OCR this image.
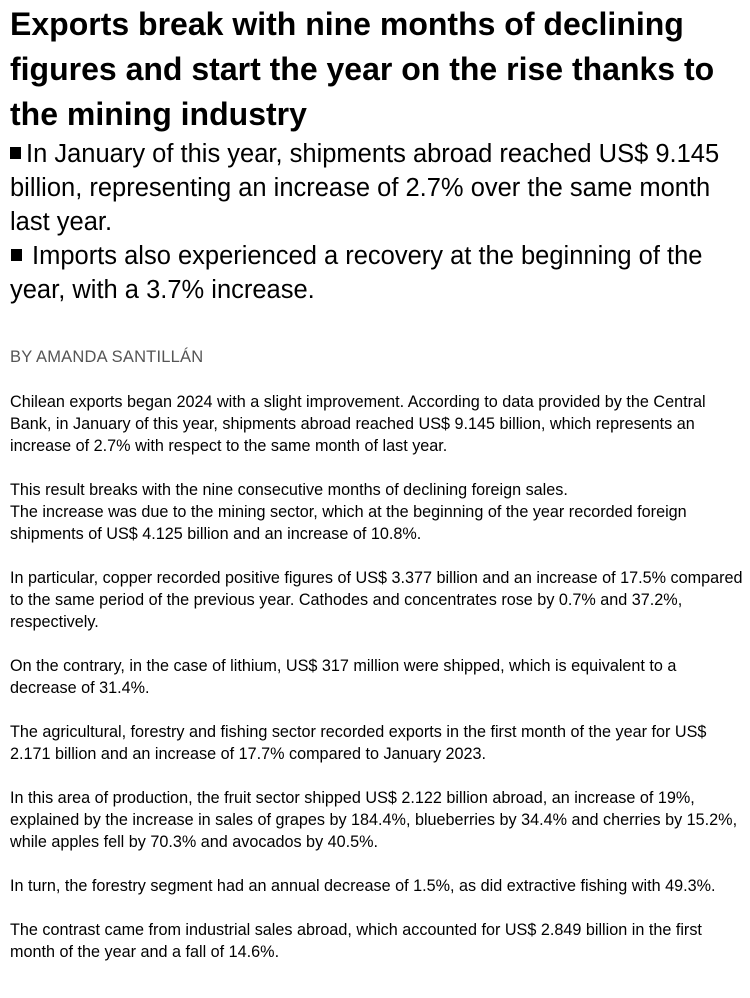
Exports break with nine months of declining figures and start the year on the rise thanks to the mining industry
In January of this year, shipments abroad reached US$ 9.145 billion, representing an increase of 2.7% over the same month last year.
Imports also experienced a recovery at the beginning of the year, with a 3.7% increase.

BY AMANDA SANTILLÁN

Chilean exports began 2024 with a slight improvement. According to data provided by the Central Bank, in January of this year, shipments abroad reached US$ 9.145 billion, which represents an increase of 2.7% with respect to the same month of last year.

This result breaks with the nine consecutive months of declining foreign sales.
The increase was due to the mining sector, which at the beginning of the year recorded foreign shipments of US$ 4.125 billion and an increase of 10.8%.

In particular, copper recorded positive figures of US$ 3.377 billion and an increase of 17.5% compared to the same period of the previous year. Cathodes and concentrates rose by 0.7% and 37.2%, respectively.

On the contrary, in the case of lithium, US$ 317 million were shipped, which is equivalent to a decrease of 31.4%.

The agricultural, forestry and fishing sector recorded exports in the first month of the year for US$ 2.171 billion and an increase of 17.7% compared to January 2023.

In this area of production, the fruit sector shipped US$ 2.122 billion abroad, an increase of 19%, explained by the increase in sales of grapes by 184.4%, blueberries by 34.4% and cherries by 15.2%, while apples fell by 70.3% and avocados by 40.5%.

In turn, the forestry segment had an annual decrease of 1.5%, as did extractive fishing with 49.3%.

The contrast came from industrial sales abroad, which accounted for US$ 2.849 billion in the first month of the year and a fall of 14.6%.
